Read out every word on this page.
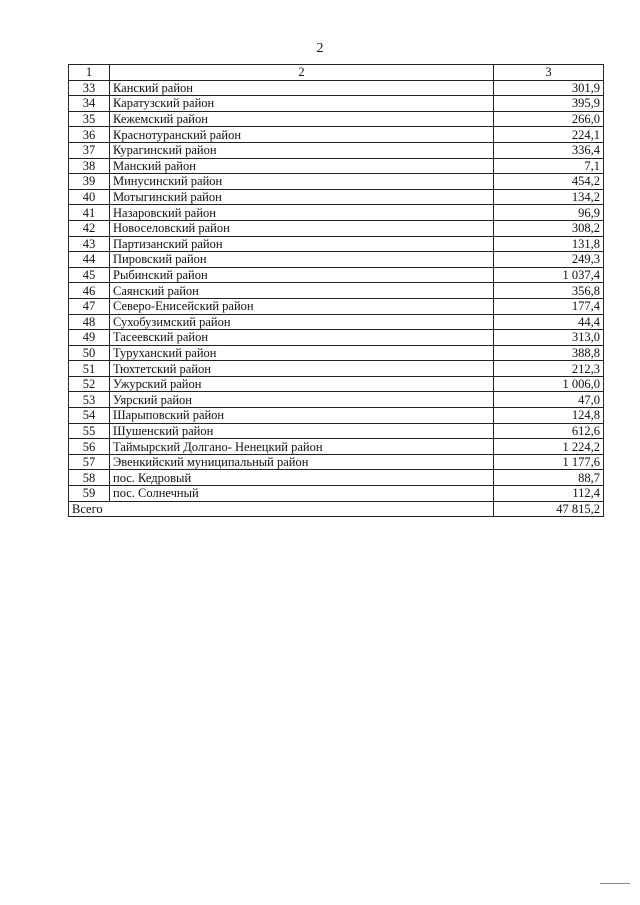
2
1	2	3
33	Канский район	301,9
34	Каратузский район	395,9
35	Кежемский район	266,0
36	Краснотуранский район	224,1
37	Курагинский район	336,4
38	Манский район	7,1
39	Минусинский район	454,2
40	Мотыгинский район	134,2
41	Назаровский район	96,9
42	Новоселовский район	308,2
43	Партизанский район	131,8
44	Пировский район	249,3
45	Рыбинский район	1 037,4
46	Саянский район	356,8
47	Северо-Енисейский район	177,4
48	Сухобузимский район	44,4
49	Тасеевский район	313,0
50	Туруханский район	388,8
51	Тюхтетский район	212,3
52	Ужурский район	1 006,0
53	Уярский район	47,0
54	Шарыповский район	124,8
55	Шушенский район	612,6
56	Таймырский Долгано- Ненецкий район	1 224,2
57	Эвенкийский муниципальный район	1 177,6
58	пос. Кедровый	88,7
59	пос. Солнечный	112,4
Всего		47 815,2
